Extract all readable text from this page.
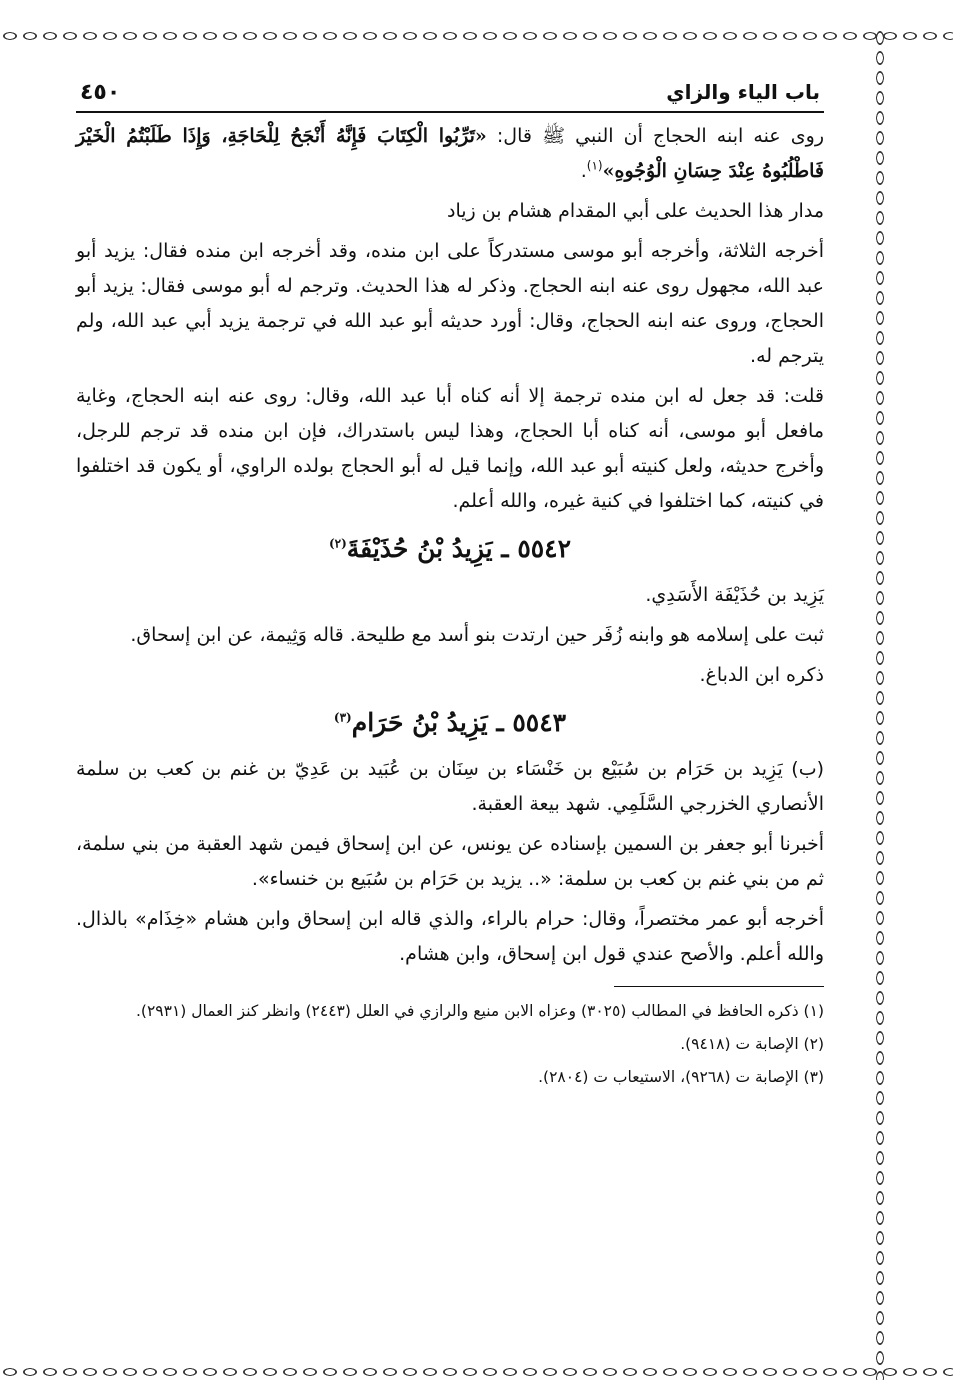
باب الياء والزاي
٤٥٠

روى عنه ابنه الحجاج أن النبي ﷺ قال: «تَرِّبُوا الْكِتَابَ فَإِنَّهُ أَنْجَحُ لِلْحَاجَةِ، وَإِذَا طَلَبْتُمُ الْخَيْرَ فَاطْلُبُوهُ عِنْدَ حِسَانِ الْوُجُوهِ»$^{(١)}$.

مدار هذا الحديث على أبي المقدام هشام بن زياد

أخرجه الثلاثة، وأخرجه أبو موسى مستدركاً على ابن منده، وقد أخرجه ابن منده فقال: يزيد أبو عبد الله، مجهول روى عنه ابنه الحجاج. وذكر له هذا الحديث. وترجم له أبو موسى فقال: يزيد أبو الحجاج، وروى عنه ابنه الحجاج، وقال: أورد حديثه أبو عبد الله في ترجمة يزيد أبي عبد الله، ولم يترجم له.

قلت: قد جعل له ابن منده ترجمة إلا أنه كناه أبا عبد الله، وقال: روى عنه ابنه الحجاج، وغاية مافعل أبو موسى، أنه كناه أبا الحجاج، وهذا ليس باستدراك، فإن ابن منده قد ترجم للرجل، وأخرج حديثه، ولعل كنيته أبو عبد الله، وإنما قيل له أبو الحجاج بولده الراوي، أو يكون قد اختلفوا في كنيته، كما اختلفوا في كنية غيره، والله أعلم.

٥٥٤٢ ـ يَزِيدُ بْنُ حُذَيْفَةَ$^{(٢)}$

يَزِيد بن حُذَيْفَة الأَسَدِي.

ثبت على إسلامه هو وابنه زُفَر حين ارتدت بنو أسد مع طليحة. قاله وَثِيمة، عن ابن إسحاق.

ذكره ابن الدباغ.

٥٥٤٣ ـ يَزِيدُ بْنُ حَرَام$^{(٣)}$

(ب) يَزِيد بن حَرَام بن سُبَيْع بن خَنْسَاء بن سِنَان بن عُبَيد بن عَدِيّ بن غنم بن كعب بن سلمة الأنصاري الخزرجي السَّلَمِي. شهد بيعة العقبة.

أخبرنا أبو جعفر بن السمين بإسناده عن يونس، عن ابن إسحاق فيمن شهد العقبة من بني سلمة، ثم من بني غنم بن كعب بن سلمة: «.. يزيد بن حَرَام بن سُبَيع بن خنساء».

أخرجه أبو عمر مختصراً، وقال: حرام بالراء، والذي قاله ابن إسحاق وابن هشام «خِذَام» بالذال. والله أعلم. والأصح عندي قول ابن إسحاق، وابن هشام.

(١) ذكره الحافظ في المطالب (٣٠٢٥) وعزاه الابن منيع والرازي في العلل (٢٤٤٣) وانظر كنز العمال (٢٩٣١).

(٢) الإصابة ت (٩٤١٨).

(٣) الإصابة ت (٩٢٦٨)، الاستيعاب ت (٢٨٠٤).
